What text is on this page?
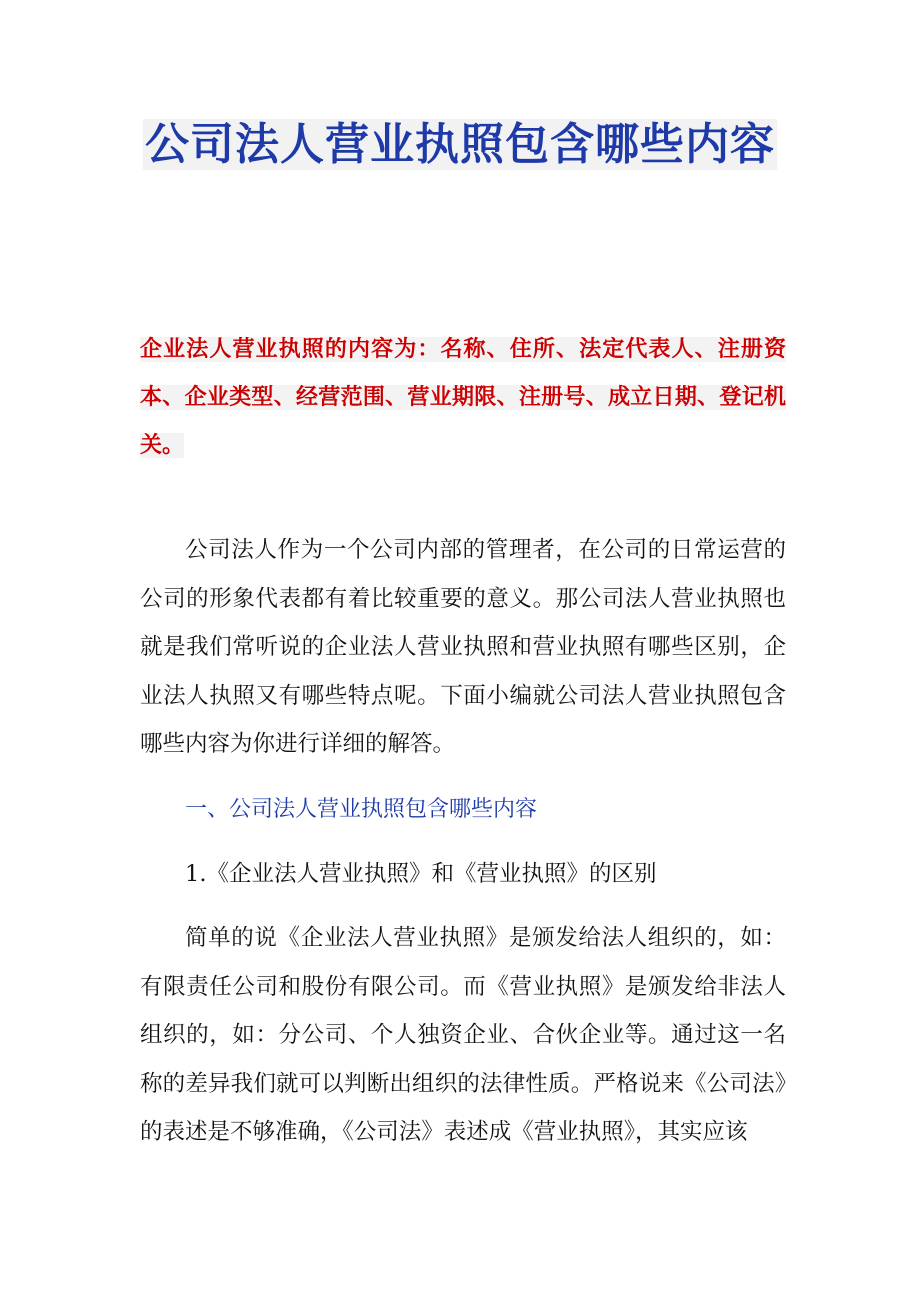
公司法人营业执照包含哪些内容
企业法人营业执照的内容为：名称、住所、法定代表人、注册资本、企业类型、经营范围、营业期限、注册号、成立日期、登记机关。
公司法人作为一个公司内部的管理者，在公司的日常运营的公司的形象代表都有着比较重要的意义。那公司法人营业执照也就是我们常听说的企业法人营业执照和营业执照有哪些区别，企业法人执照又有哪些特点呢。下面小编就公司法人营业执照包含哪些内容为你进行详细的解答。
一、公司法人营业执照包含哪些内容
1.《企业法人营业执照》和《营业执照》的区别
简单的说《企业法人营业执照》是颁发给法人组织的，如：有限责任公司和股份有限公司。而《营业执照》是颁发给非法人组织的，如：分公司、个人独资企业、合伙企业等。通过这一名称的差异我们就可以判断出组织的法律性质。严格说来《公司法》的表述是不够准确，《公司法》表述成《营业执照》，其实应该
